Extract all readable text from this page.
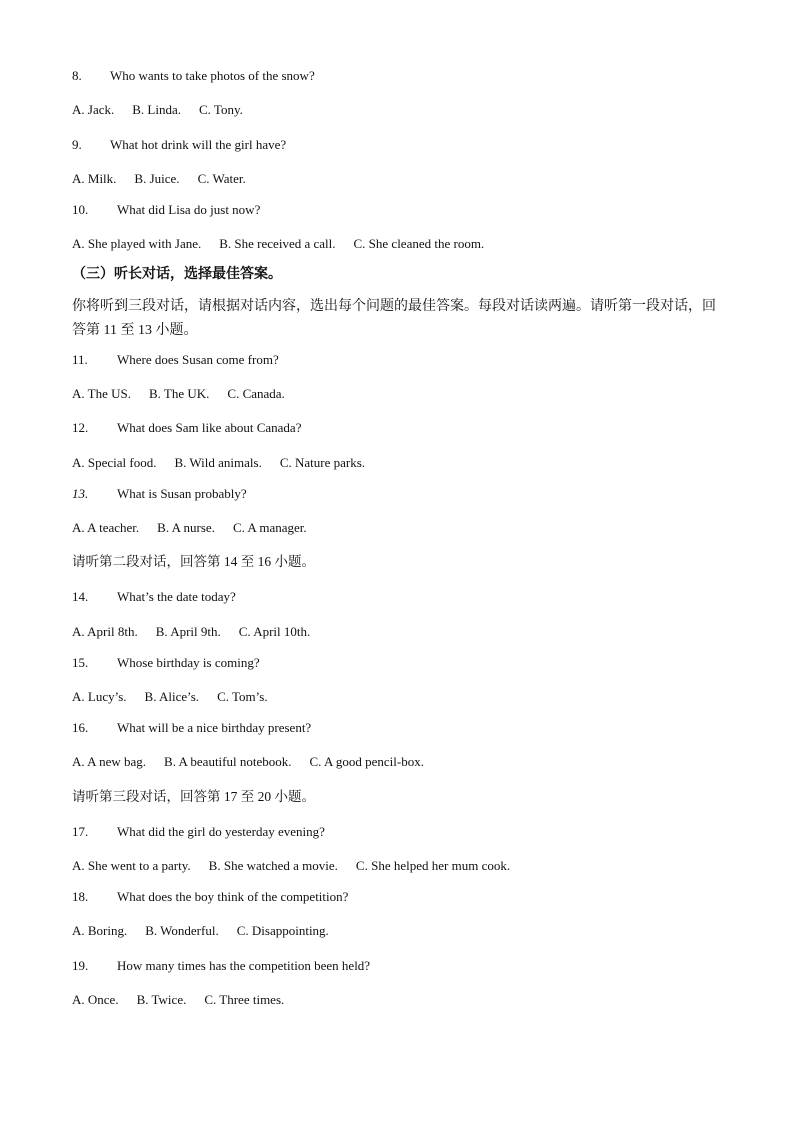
8. Who wants to take photos of the snow?
A. Jack. B. Linda. C. Tony.
9. What hot drink will the girl have?
A. Milk. B. Juice. C. Water.
10. What did Lisa do just now?
A. She played with Jane. B. She received a call. C. She cleaned the room.
（三）听长对话，选择最佳答案。
你将听到三段对话，请根据对话内容，选出每个问题的最佳答案。每段对话读两遍。请听第一段对话，回答第 11 至 13 小题。
11. Where does Susan come from?
A. The US. B. The UK. C. Canada.
12. What does Sam like about Canada?
A. Special food. B. Wild animals. C. Nature parks.
13. What is Susan probably?
A. A teacher. B. A nurse. C. A manager.
请听第二段对话，回答第 14 至 16 小题。
14. What’s the date today?
A. April 8th. B. April 9th. C. April 10th.
15. Whose birthday is coming?
A. Lucy’s. B. Alice’s. C. Tom’s.
16. What will be a nice birthday present?
A. A new bag. B. A beautiful notebook. C. A good pencil-box.
请听第三段对话，回答第 17 至 20 小题。
17. What did the girl do yesterday evening?
A. She went to a party. B. She watched a movie. C. She helped her mum cook.
18. What does the boy think of the competition?
A. Boring. B. Wonderful. C. Disappointing.
19. How many times has the competition been held?
A. Once. B. Twice. C. Three times.
